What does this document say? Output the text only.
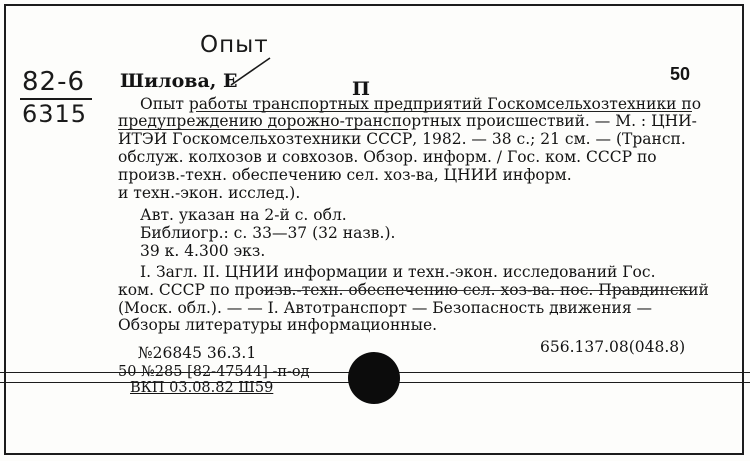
Опыт
82-6
6315
Шилова, Е	П
50
Опыт работы транспортных предприятий Госкомсельхозтехники по
предупреждению дорожно-транспортных происшествий. — М. : ЦНИ-
ИТЭИ Госкомсельхозтехники СССР, 1982. — 38 с.; 21 см. — (Трансп.
обслуж. колхозов и совхозов. Обзор. информ. / Гос. ком. СССР по
произв.-техн. обеспечению сел. хоз-ва, ЦНИИ информ.
и техн.-экон. исслед.).
Авт. указан на 2-й с. обл.
Библиогр.: с. 33—37 (32 назв.).
39 к. 4.300 экз.
I. Загл. II. ЦНИИ информации и техн.-экон. исследований Гос.
ком. СССР по произв.-техн. обеспечению сел. хоз-ва. пос. Правдинский
(Моск. обл.). — — I. Автотранспорт — Безопасность движения —
Обзоры литературы информационные.
№26845 36.3.1	656.137.08(048.8)
50 №285 [82-47544] -п-од
ВКП 03.08.82 Ш59
